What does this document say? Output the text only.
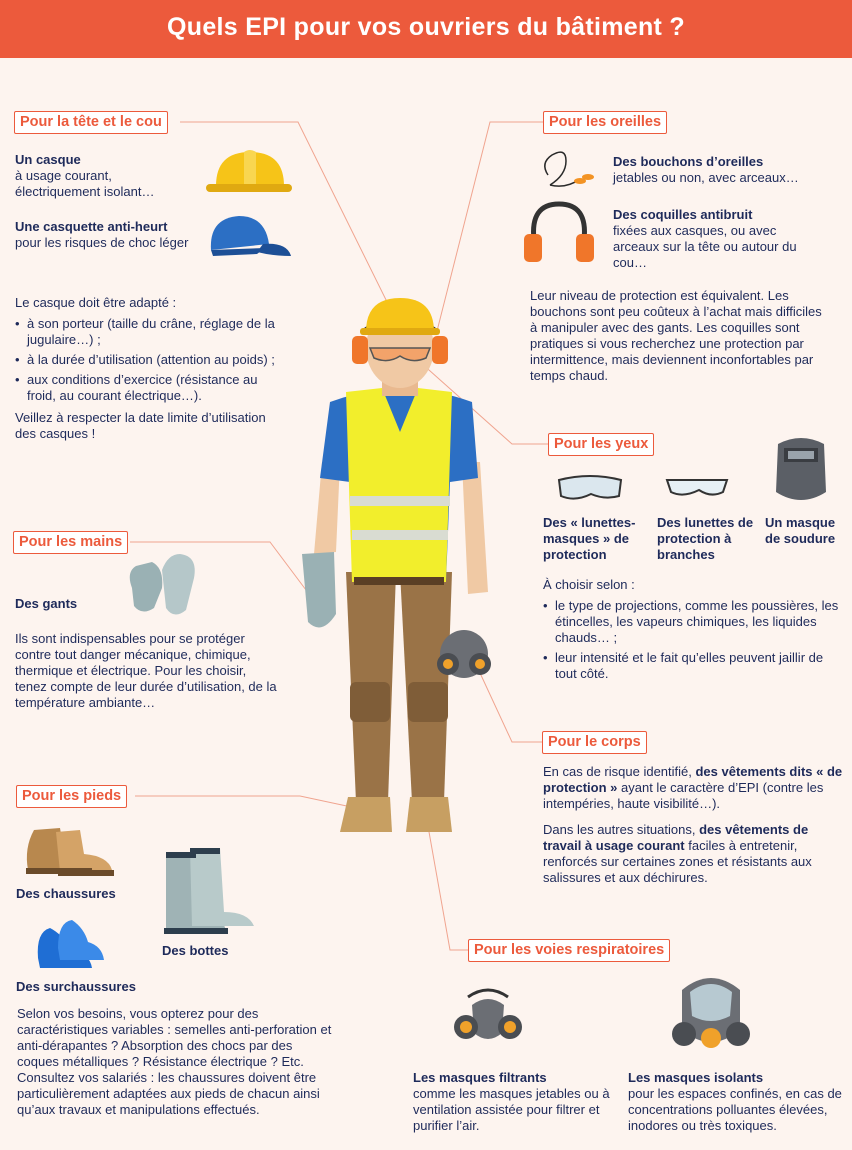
Quels EPI pour vos ouvriers du bâtiment ?
Pour la tête et le cou
Un casque
à usage courant, électriquement isolant…
Une casquette anti-heurt
pour les risques de choc léger
Le casque doit être adapté :
• à son porteur (taille du crâne, réglage de la jugulaire…) ;
• à la durée d’utilisation (attention au poids) ;
• aux conditions d’exercice (résistance au froid, au courant électrique…).
Veillez à respecter la date limite d’utilisation des casques !
Pour les oreilles
Des bouchons d’oreilles
jetables ou non, avec arceaux…
Des coquilles antibruit
fixées aux casques, ou avec arceaux sur la tête ou autour du cou…
Leur niveau de protection est équivalent. Les bouchons sont peu coûteux à l’achat mais difficiles à manipuler avec des gants. Les coquilles sont pratiques si vous recherchez une protection par intermittence, mais deviennent inconfortables par temps chaud.
Pour les yeux
Des « lunettes-masques » de protection
Des lunettes de protection à branches
Un masque de soudure
À choisir selon :
• le type de projections, comme les poussières, les étincelles, les vapeurs chimiques, les liquides chauds… ;
• leur intensité et le fait qu’elles peuvent jaillir de tout côté.
Pour les mains
Des gants
Ils sont indispensables pour se protéger contre tout danger mécanique, chimique, thermique et électrique. Pour les choisir, tenez compte de leur durée d’utilisation, de la température ambiante…
Pour le corps
En cas de risque identifié, des vêtements dits « de protection » ayant le caractère d’EPI (contre les intempéries, haute visibilité…).
Dans les autres situations, des vêtements de travail à usage courant faciles à entretenir, renforcés sur certaines zones et résistants aux salissures et aux déchirures.
Pour les pieds
Des chaussures
Des bottes
Des surchaussures
Selon vos besoins, vous opterez pour des caractéristiques variables : semelles anti-perforation et anti-dérapantes ? Absorption des chocs par des coques métalliques ? Résistance électrique ? Etc. Consultez vos salariés : les chaussures doivent être particulièrement adaptées aux pieds de chacun ainsi qu’aux travaux et manipulations effectués.
Pour les voies respiratoires
Les masques filtrants
comme les masques jetables ou à ventilation assistée pour filtrer et purifier l’air.
Les masques isolants
pour les espaces confinés, en cas de concentrations polluantes élevées, inodores ou très toxiques.
